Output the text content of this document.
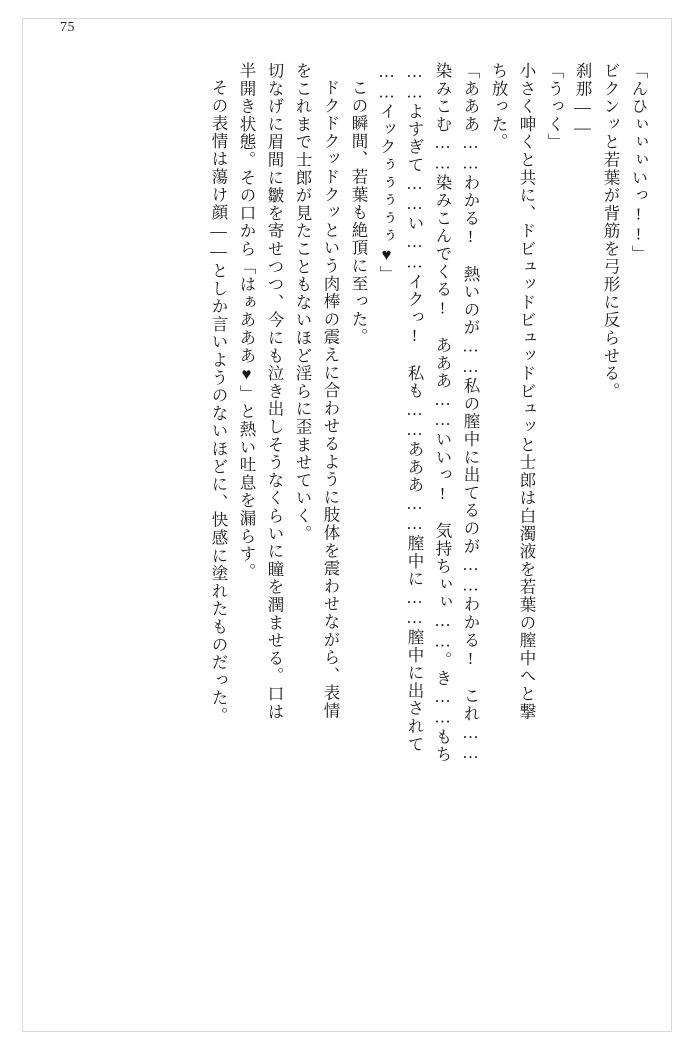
75
「んひぃぃぃいっ!!」
ビクンッと若葉が背筋を弓形に反らせる。
刹那——
「うっく」
小さく呻くと共に、ドビュッドビュッドビュッと士郎は白濁液を若葉の膣中へと撃
ち放った。
「あああ……わかる!　熱いのが……私の膣中に出てるのが……わかる!　これ……
染みこむ……染みこんでくる!　あああ……いいっ!　気持ちぃぃ……。き……もち
……よすぎて……い……イクっ!　私も……あああ……膣中に……膣中に出されて
……イックぅぅぅぅぅ♥」
この瞬間、若葉も絶頂に至った。
ドクドクッドクッという肉棒の震えに合わせるように肢体を震わせながら、表情
をこれまで士郎が見たこともないほど淫らに歪ませていく。
切なげに眉間に皺を寄せつつ、今にも泣き出しそうなくらいに瞳を潤ませる。口は
半開き状態。その口から「はぁあああ♥」と熱い吐息を漏らす。
その表情は蕩け顔——としか言いようのないほどに、快感に塗れたものだった。
